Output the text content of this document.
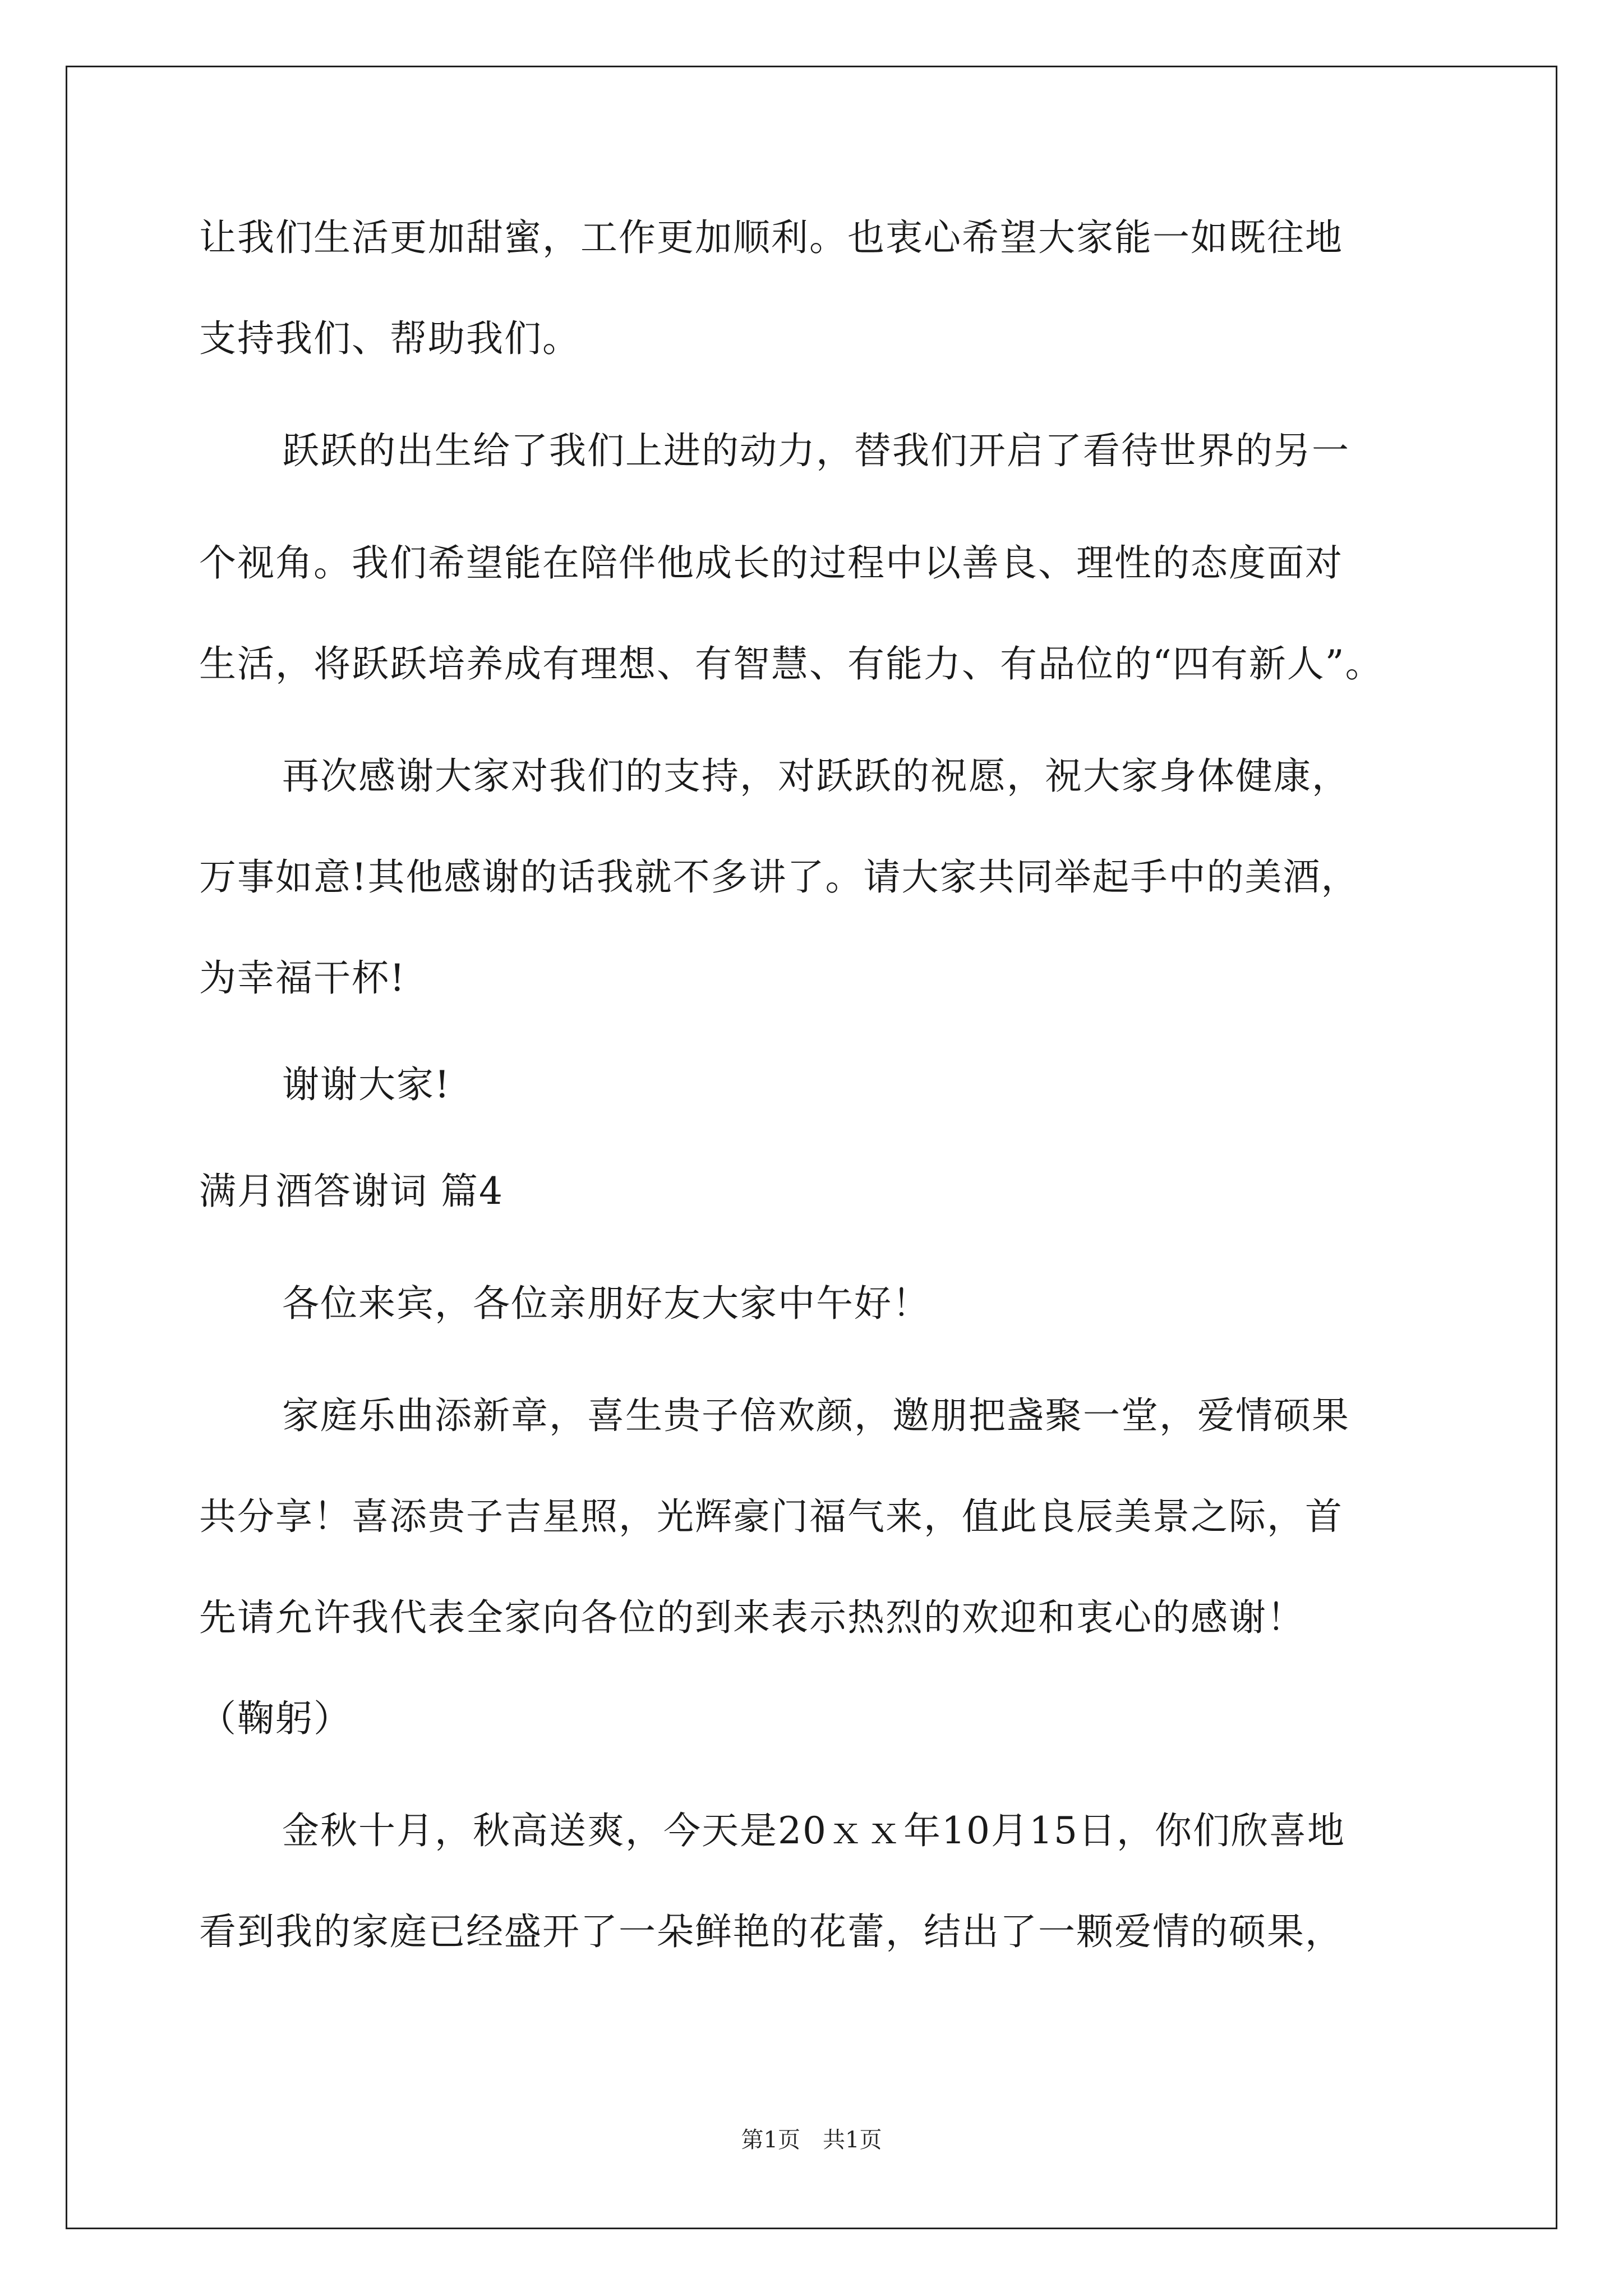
让我们生活更加甜蜜，工作更加顺利。也衷心希望大家能一如既往地
支持我们、帮助我们。
跃跃的出生给了我们上进的动力，替我们开启了看待世界的另一
个视角。我们希望能在陪伴他成长的过程中以善良、理性的态度面对
生活，将跃跃培养成有理想、有智慧、有能力、有品位的“四有新人”。
再次感谢大家对我们的支持，对跃跃的祝愿，祝大家身体健康，
万事如意!其他感谢的话我就不多讲了。请大家共同举起手中的美酒，
为幸福干杯!
谢谢大家!
满月酒答谢词 篇4
各位来宾，各位亲朋好友大家中午好！
家庭乐曲添新章，喜生贵子倍欢颜，邀朋把盏聚一堂，爱情硕果
共分享！喜添贵子吉星照，光辉豪门福气来，值此良辰美景之际，首
先请允许我代表全家向各位的到来表示热烈的欢迎和衷心的感谢！
（鞠躬）
金秋十月，秋高送爽，今天是20ｘｘ年10月15日，你们欣喜地
看到我的家庭已经盛开了一朵鲜艳的花蕾，结出了一颗爱情的硕果，
第1页　共1页
